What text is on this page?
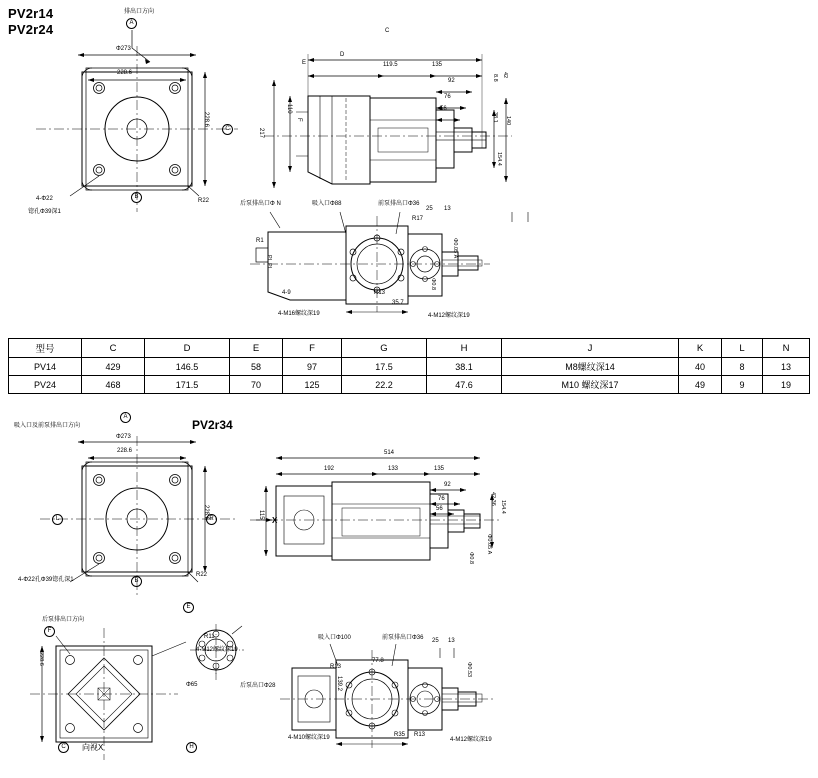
PV2r14
PV2r24
排出口方向
A
Φ273
228.6
228.6
4-Φ22
锪孔Φ39深1
R22
B
C
C
D
119.5	135
92
76
56
110
217
38.1
42
8.8
140
154.4
E
F
后泵排出口Φ N	吸入口Φ88	前泵排出口Φ36
25 13
R1
R17
R13
35.7
4-9
4-M16螺纹深19	4-M12螺纹深19
Φ0.05 A
Φ0.8
PL PL
型号	C	D	E	F	G	H	J	K	L	N
PV14	429	146.5	58	97	17.5	38.1	M8螺纹深14	40	8	13
PV24	468	171.5	70	125	22.2	47.6	M10 螺纹深17	49	9	19
PV2r34
吸入口及前泵排出口方向
A
Φ273
228.6
228.6
4-Φ22孔Φ39锪孔深1
R22
B
L	R
514
192	133	135
92
76
56
115
42.36
154.4
X
Φ0.8
Φ0.05 A
后泵排出口方向
F
228.6
C	向视X	H
E
R11
Φ65
4-M12螺纹深19
吸入口Φ100	前泵排出口Φ36 25 13
R13
77.8
139.2
后泵出口Φ28
R35 R13
4-M10螺纹深19	4-M12螺纹深19
Φ0.53
